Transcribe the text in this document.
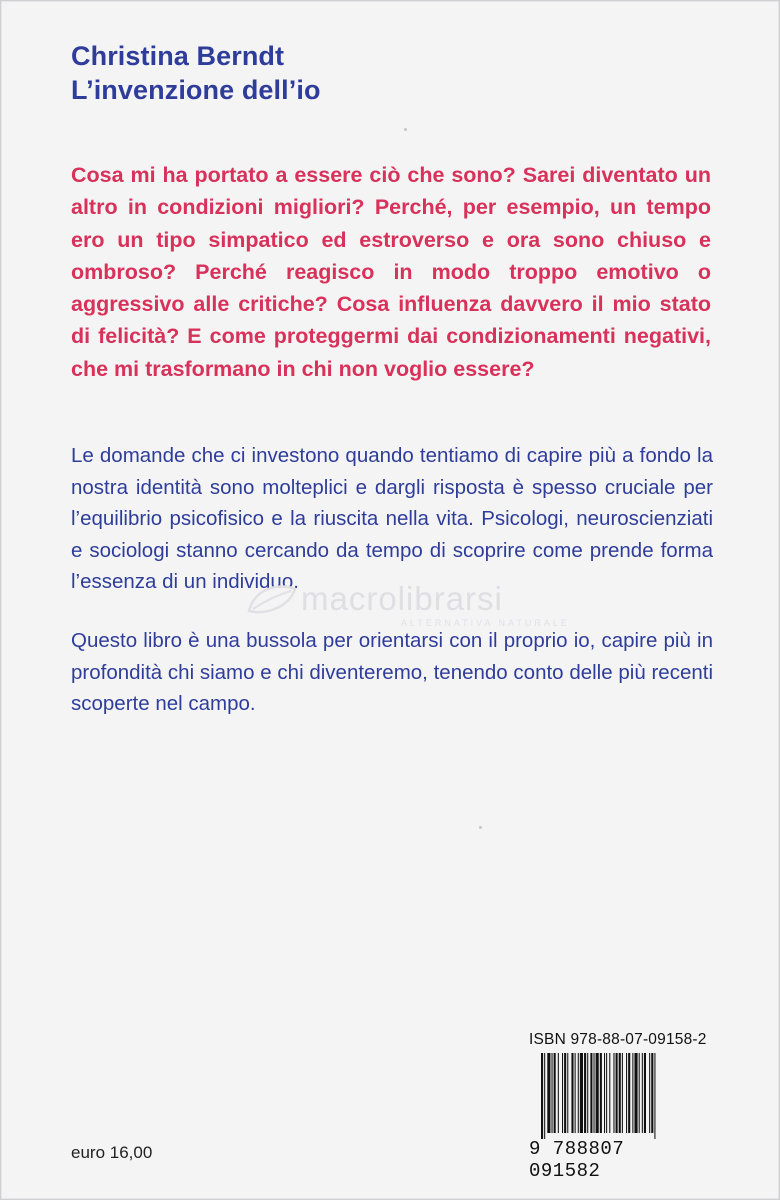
Christina Berndt
L’invenzione dell’io
Cosa mi ha portato a essere ciò che sono? Sarei diventato un altro in condizioni migliori? Perché, per esempio, un tempo ero un tipo simpatico ed estroverso e ora sono chiuso e ombroso? Perché reagisco in modo troppo emotivo o aggressivo alle critiche? Cosa influenza davvero il mio stato di felicità? E come proteggermi dai condizionamenti negativi, che mi trasformano in chi non voglio essere?
Le domande che ci investono quando tentiamo di capire più a fondo la nostra identità sono molteplici e dargli risposta è spesso cruciale per l’equilibrio psicofisico e la riuscita nella vita. Psicologi, neuroscienziati e sociologi stanno cercando da tempo di scoprire come prende forma l’essenza di un individuo. macrolibrarsi
ALTERNATIVA NATURALE
Questo libro è una bussola per orientarsi con il proprio io, capire più in profondità chi siamo e chi diventeremo, tenendo conto delle più recenti scoperte nel campo.
euro 16,00
ISBN 978-88-07-09158-2
9 788807 091582
